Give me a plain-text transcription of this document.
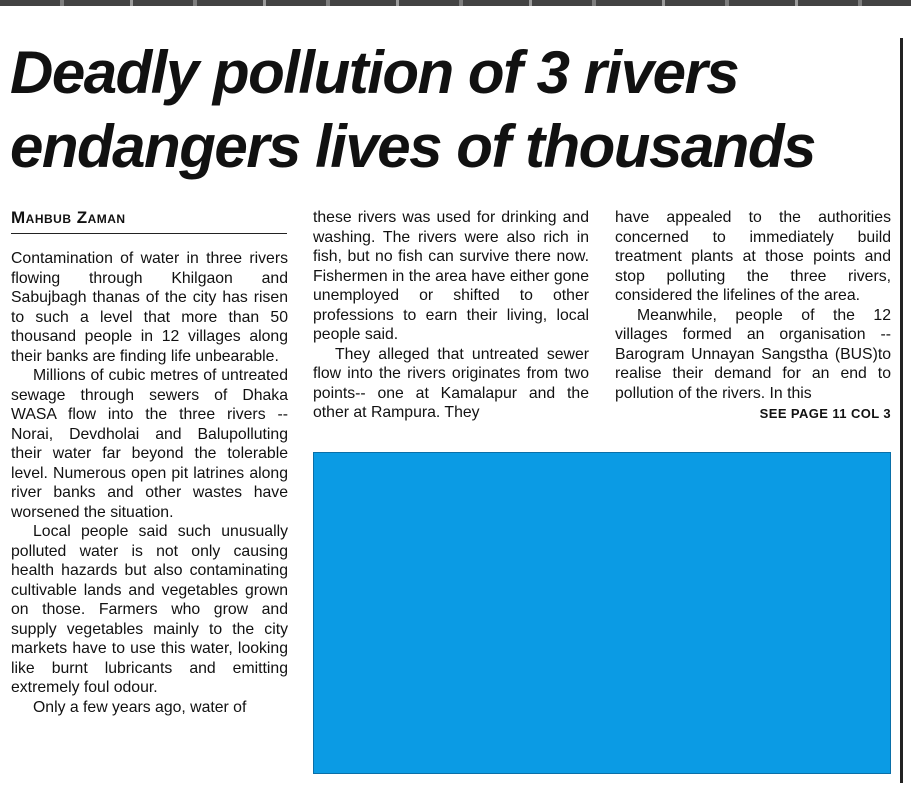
Deadly pollution of 3 rivers endangers lives of thousands
Mahbub Zaman

Contamination of water in three rivers flowing through Khilgaon and Sabujbagh thanas of the city has risen to such a level that more than 50 thousand people in 12 villages along their banks are finding life unbearable.

Millions of cubic metres of untreated sewage through sewers of Dhaka WASA flow into the three rivers -- Norai, Devdholai and Balupolluting their water far beyond the tolerable level. Numerous open pit latrines along river banks and other wastes have worsened the situation.

Local people said such unusually polluted water is not only causing health hazards but also contaminating cultivable lands and vegetables grown on those. Farmers who grow and supply vegetables mainly to the city markets have to use this water, looking like burnt lubricants and emitting extremely foul odour.

Only a few years ago, water of

these rivers was used for drinking and washing. The rivers were also rich in fish, but no fish can survive there now. Fishermen in the area have either gone unemployed or shifted to other professions to earn their living, local people said.

They alleged that untreated sewer flow into the rivers originates from two points-- one at Kamalapur and the other at Rampura. They

have appealed to the authorities concerned to immediately build treatment plants at those points and stop polluting the three rivers, considered the lifelines of the area.

Meanwhile, people of the 12 villages formed an organisation -- Barogram Unnayan Sangstha (BUS)to realise their demand for an end to pollution of the rivers. In this

SEE PAGE 11 COL 3
